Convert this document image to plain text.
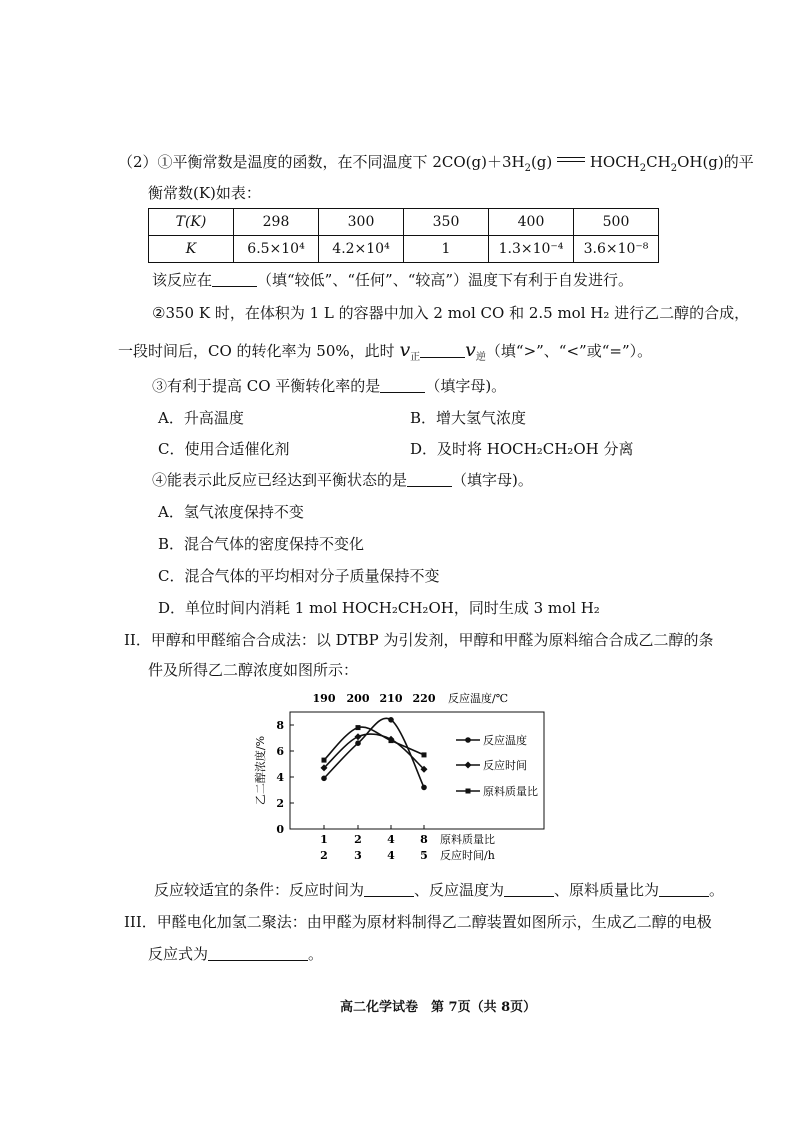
（2）①平衡常数是温度的函数，在不同温度下 $2CO(g)+3H_2(g)$	$HOCH_2CH_2OH(g)$的平
衡常数(K)如表：
T(K)	298	300	350	400	500
K	6.5×10⁴	4.2×10⁴	1	1.3×10⁻⁴	3.6×10⁻⁸
该反应在	（填“较低”、“任何”、“较高”）温度下有利于自发进行。
②350 K 时，在体积为 1 L 的容器中加入 2 mol CO 和 2.5 mol H₂ 进行乙二醇的合成，
一段时间后，CO 的转化率为 50%，此时 $v_正$ $v_逆$（填“>”、“<”或“=”）。
③有利于提高 CO 平衡转化率的是	（填字母)。
A．升高温度	B．增大氢气浓度
C．使用合适催化剂	D．及时将 HOCH₂CH₂OH 分离
④能表示此反应已经达到平衡状态的是	（填字母)。
A．氢气浓度保持不变
B．混合气体的密度保持不变化
C．混合气体的平均相对分子质量保持不变
D．单位时间内消耗 1 mol HOCH₂CH₂OH，同时生成 3 mol H₂
II．甲醇和甲醛缩合合成法：以 DTBP 为引发剂，甲醇和甲醛为原料缩合合成乙二醇的条
件及所得乙二醇浓度如图所示：
190 200 210 220 反应温度/℃
0
2
4
6
8
乙二醇浓度/%
1 2 4 8 原料质量比
2 3 4 5 反应时间/h
反应温度
反应时间
原料质量比
反应较适宜的条件：反应时间为	、反应温度为	、原料质量比为	。
III．甲醛电化加氢二聚法：由甲醛为原材料制得乙二醇装置如图所示，生成乙二醇的电极
反应式为	。
高二化学试卷　第 7页（共 8页）
